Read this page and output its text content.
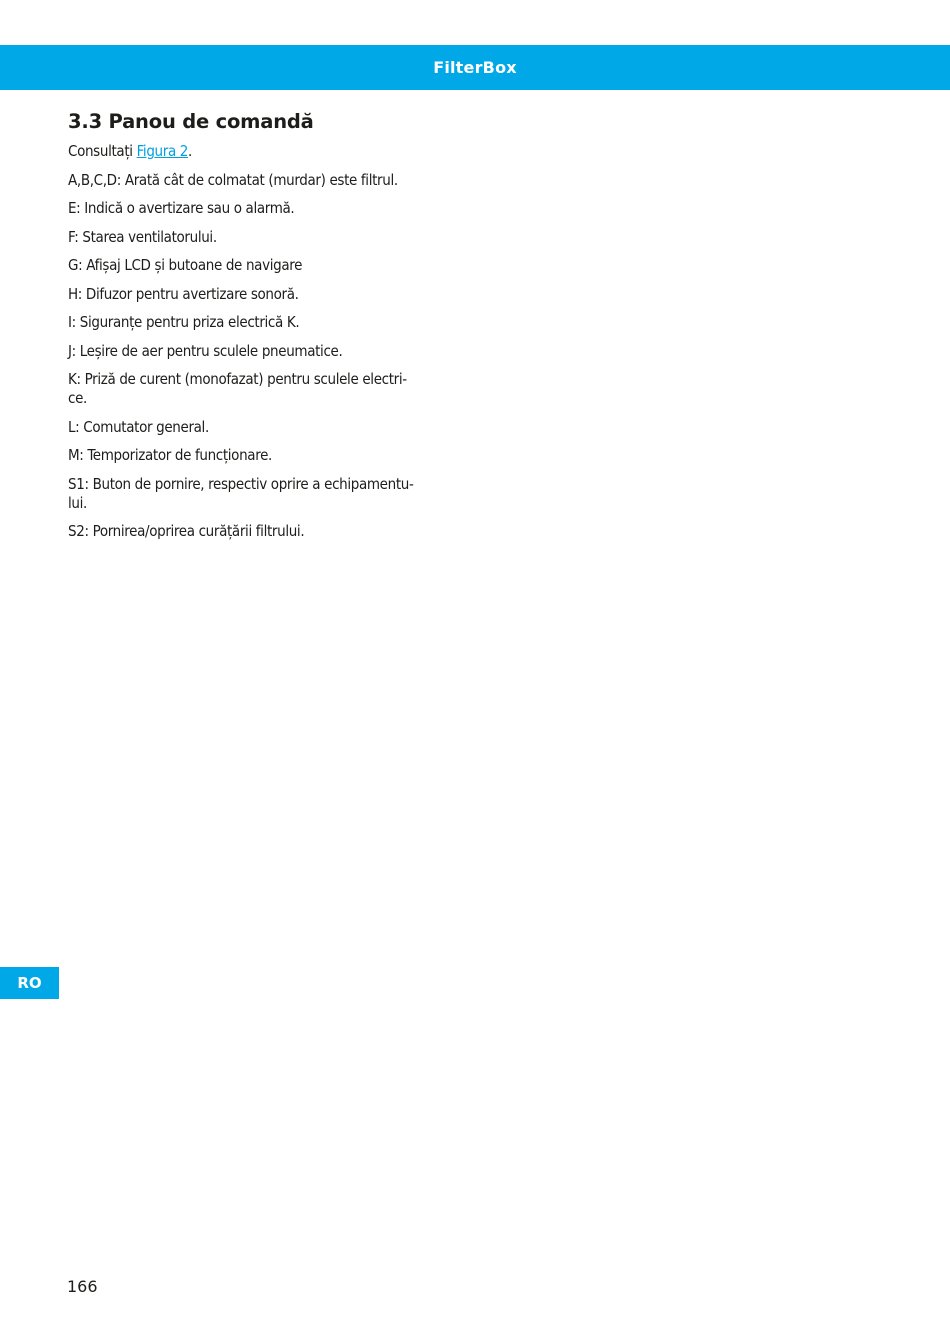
FilterBox
3.3 Panou de comandă

Consultați Figura 2.

A,B,C,D: Arată cât de colmatat (murdar) este filtrul.

E: Indică o avertizare sau o alarmă.

F: Starea ventilatorului.

G: Afișaj LCD și butoane de navigare

H: Difuzor pentru avertizare sonoră.

I: Siguranțe pentru priza electrică K.

J: Leșire de aer pentru sculele pneumatice.

K: Priză de curent (monofazat) pentru sculele electri-
ce.

L: Comutator general.

M: Temporizator de funcționare.

S1: Buton de pornire, respectiv oprire a echipamentu-
lui.

S2: Pornirea/oprirea curățării filtrului.

RO
166
